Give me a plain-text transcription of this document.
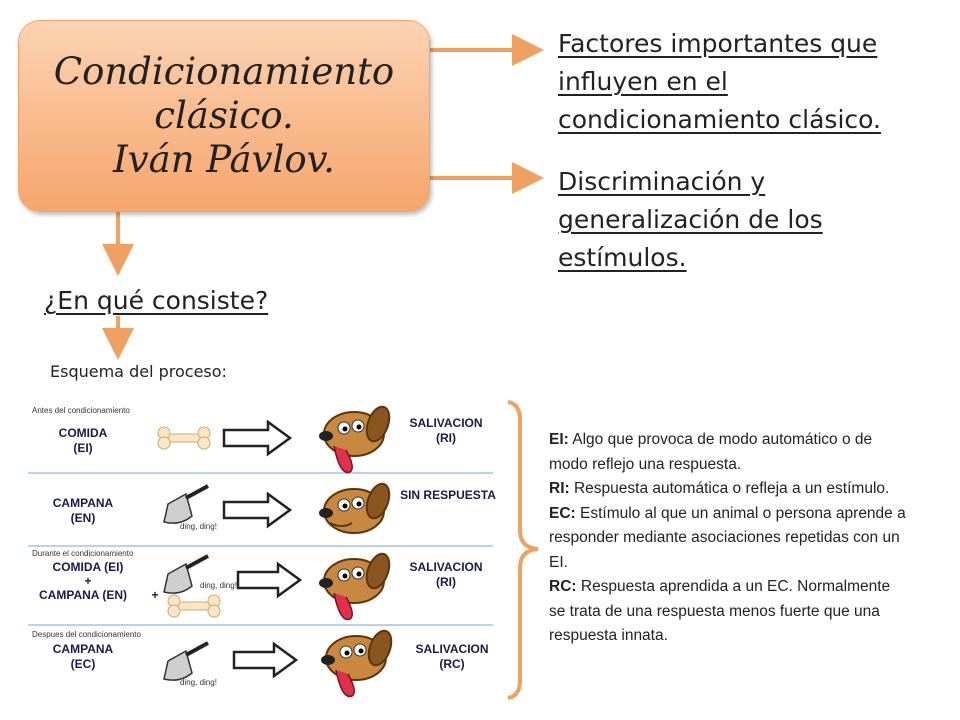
Condicionamiento
clásico.
Iván Pávlov.
Factores importantes que influyen en el condicionamiento clásico.
Discriminación y generalización de los estímulos.
¿En qué consiste?
Esquema del proceso:
Antes del condicionamiento
COMIDA (EI)
SALIVACION (RI)
CAMPANA (EN)
SIN RESPUESTA
ding, ding!
Durante el condicionamiento
COMIDA (EI)
+
CAMPANA (EN)
SALIVACION (RI)
ding, ding!
+
Despues del condicionamiento
CAMPANA (EC)
SALIVACION (RC)
ding, ding!

EI: Algo que provoca de modo automático o de modo reflejo una respuesta.

RI: Respuesta automática o refleja a un estímulo.

EC: Estímulo al que un animal o persona aprende a responder mediante asociaciones repetidas con un EI.

RC: Respuesta aprendida a un EC. Normalmente se trata de una respuesta menos fuerte que una respuesta innata.
